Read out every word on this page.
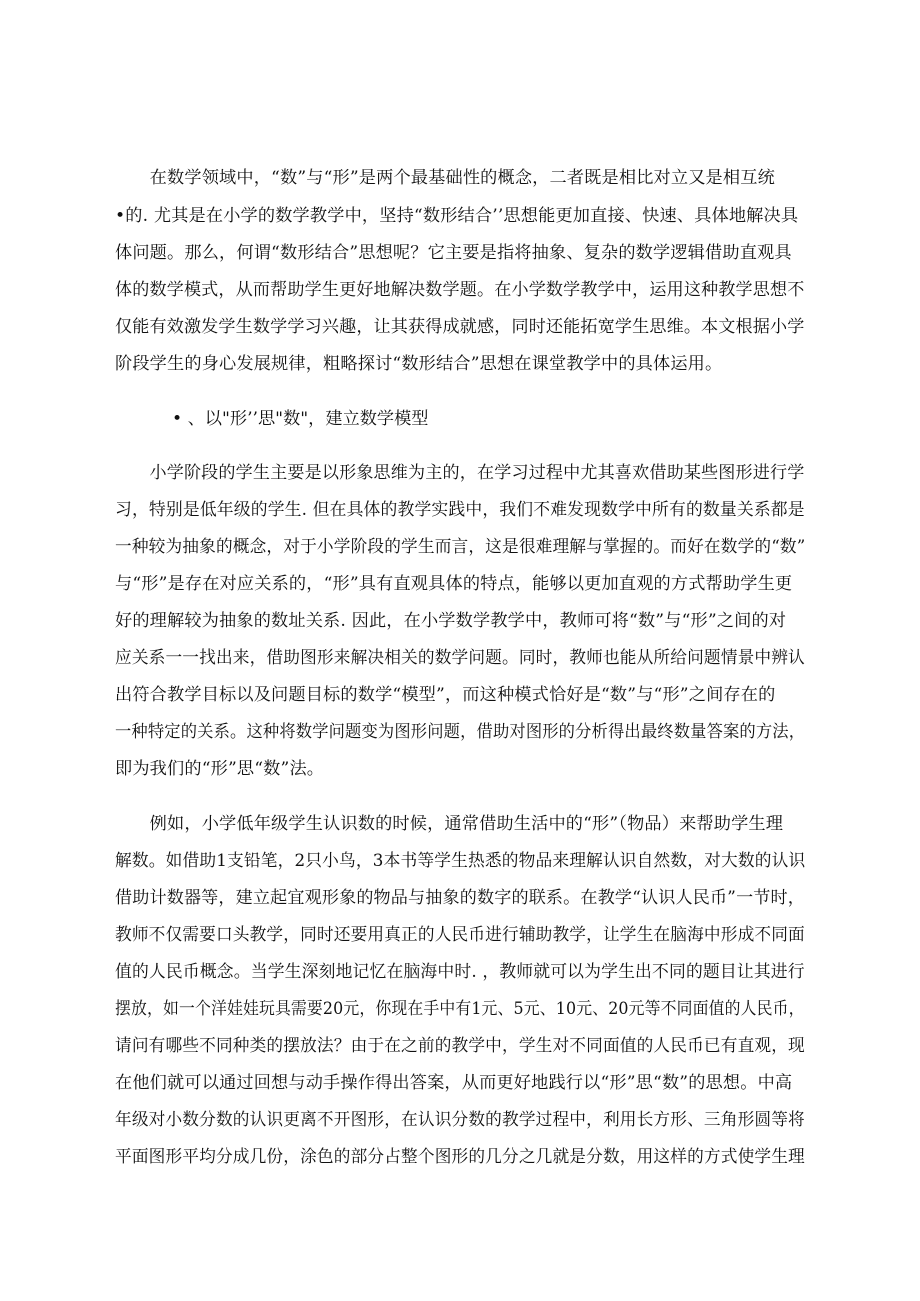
　　在数学领域中，“数”与“形”是两个最基础性的概念，二者既是相比对立又是相互统
•的. 尤其是在小学的数学教学中，坚持“数形结合’’思想能更加直接、快速、具体地解决具
体问题。那么，何谓“数形结合”思想呢？它主要是指将抽象、复杂的数学逻辑借助直观具
体的数学模式，从而帮助学生更好地解决数学题。在小学数学教学中，运用这种教学思想不
仅能有效激发学生数学学习兴趣，让其获得成就感，同时还能拓宽学生思维。本文根据小学
阶段学生的身心发展规律，粗略探讨“数形结合”思想在课堂教学中的具体运用。
• 、以"形’’思"数"，建立数学模型
　　小学阶段的学生主要是以形象思维为主的，在学习过程中尤其喜欢借助某些图形进行学
习，特别是低年级的学生. 但在具体的教学实践中，我们不难发现数学中所有的数量关系都是
一种较为抽象的概念，对于小学阶段的学生而言，这是很难理解与掌握的。而好在数学的“数”
与“形”是存在对应关系的，“形”具有直观具体的特点，能够以更加直观的方式帮助学生更
好的理解较为抽象的数址关系. 因此，在小学数学教学中，教师可将“数”与“形”之间的对
应关系一一找出来，借助图形来解决相关的数学问题。同时，教师也能从所给问题情景中辨认
出符合教学目标以及问题目标的数学“模型”，而这种模式恰好是“数”与“形”之间存在的
一种特定的关系。这种将数学问题变为图形问题，借助对图形的分析得出最终数量答案的方法，
即为我们的“形”思“数”法。
　　例如，小学低年级学生认识数的时候，通常借助生活中的“形”（物品）来帮助学生理
解数。如借助1支铅笔，2只小鸟，3本书等学生热悉的物品来理解认识自然数，对大数的认识
借助计数器等，建立起宜观形象的物品与抽象的数字的联系。在教学“认识人民币”一节时，
教师不仅需要口头教学，同时还要用真正的人民币进行辅助教学，让学生在脑海中形成不同面
值的人民币概念。当学生深刻地记忆在脑海中时. ，教师就可以为学生出不同的题目让其进行
摆放，如一个洋娃娃玩具需要20元，你现在手中有1元、5元、10元、20元等不同面值的人民币，
请问有哪些不同种类的摆放法？由于在之前的教学中，学生对不同面值的人民币已有直观，现
在他们就可以通过回想与动手操作得出答案，从而更好地践行以“形”思“数”的思想。中高
年级对小数分数的认识更离不开图形，在认识分数的教学过程中，利用长方形、三角形圆等将
平面图形平均分成几份，涂色的部分占整个图形的几分之几就是分数，用这样的方式使学生理
